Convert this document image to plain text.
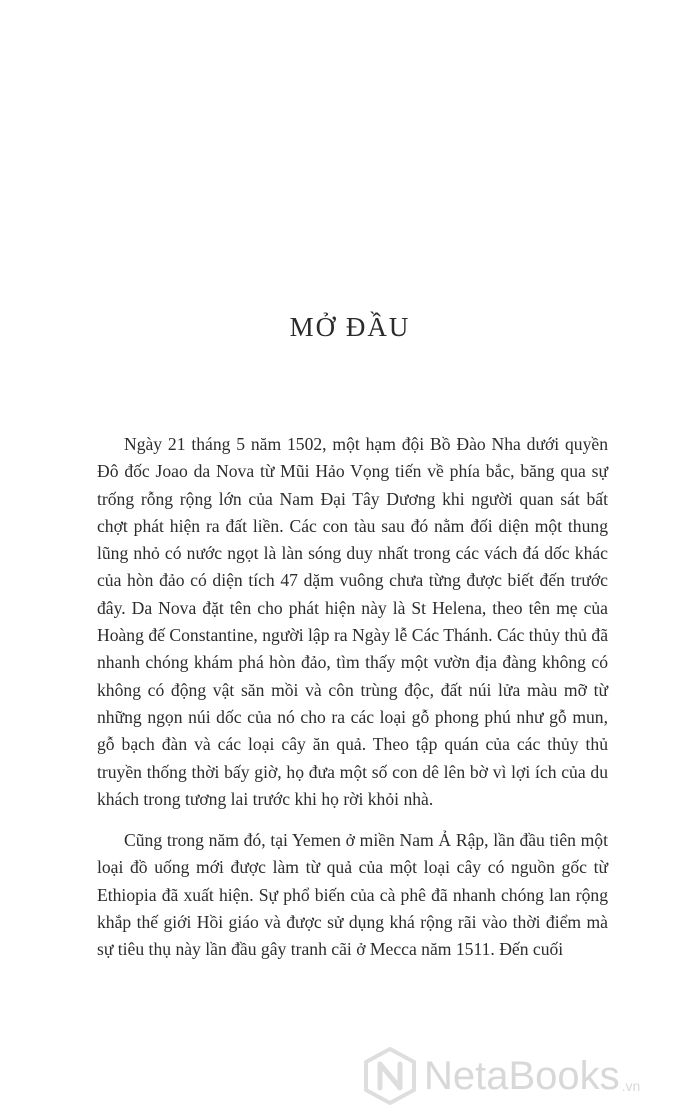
MỞ ĐẦU

Ngày 21 tháng 5 năm 1502, một hạm đội Bồ Đào Nha dưới quyền Đô đốc Joao da Nova từ Mũi Hảo Vọng tiến về phía bắc, băng qua sự trống rỗng rộng lớn của Nam Đại Tây Dương khi người quan sát bất chợt phát hiện ra đất liền. Các con tàu sau đó nằm đối diện một thung lũng nhỏ có nước ngọt là làn sóng duy nhất trong các vách đá dốc khác của hòn đảo có diện tích 47 dặm vuông chưa từng được biết đến trước đây. Da Nova đặt tên cho phát hiện này là St Helena, theo tên mẹ của Hoàng đế Constantine, người lập ra Ngày lễ Các Thánh. Các thủy thủ đã nhanh chóng khám phá hòn đảo, tìm thấy một vườn địa đàng không có không có động vật săn mồi và côn trùng độc, đất núi lửa màu mỡ từ những ngọn núi dốc của nó cho ra các loại gỗ phong phú như gỗ mun, gỗ bạch đàn và các loại cây ăn quả. Theo tập quán của các thủy thủ truyền thống thời bấy giờ, họ đưa một số con dê lên bờ vì lợi ích của du khách trong tương lai trước khi họ rời khỏi nhà.

Cũng trong năm đó, tại Yemen ở miền Nam Ả Rập, lần đầu tiên một loại đồ uống mới được làm từ quả của một loại cây có nguồn gốc từ Ethiopia đã xuất hiện. Sự phổ biến của cà phê đã nhanh chóng lan rộng khắp thế giới Hồi giáo và được sử dụng khá rộng rãi vào thời điểm mà sự tiêu thụ này lần đầu gây tranh cãi ở Mecca năm 1511. Đến cuối

NetaBooks .vn
